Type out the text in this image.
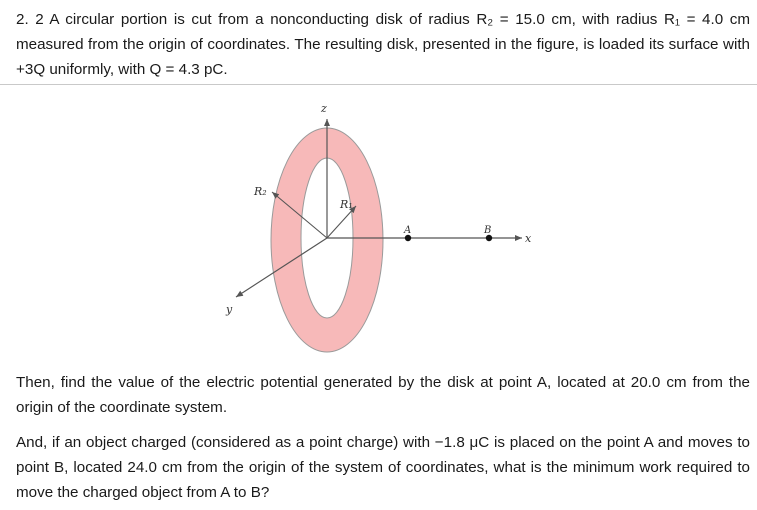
2. 2 A circular portion is cut from a nonconducting disk of radius R₂ = 15.0 cm, with radius R₁ = 4.0 cm measured from the origin of coordinates. The resulting disk, presented in the figure, is loaded its surface with +3Q uniformly, with Q = 4.3 pC.

z
x
y
R₂
R₁
A	B

Then, find the value of the electric potential generated by the disk at point A, located at 20.0 cm from the origin of the coordinate system.

And, if an object charged (considered as a point charge) with −1.8 μC is placed on the point A and moves to point B, located 24.0 cm from the origin of the system of coordinates, what is the minimum work required to move the charged object from A to B?
